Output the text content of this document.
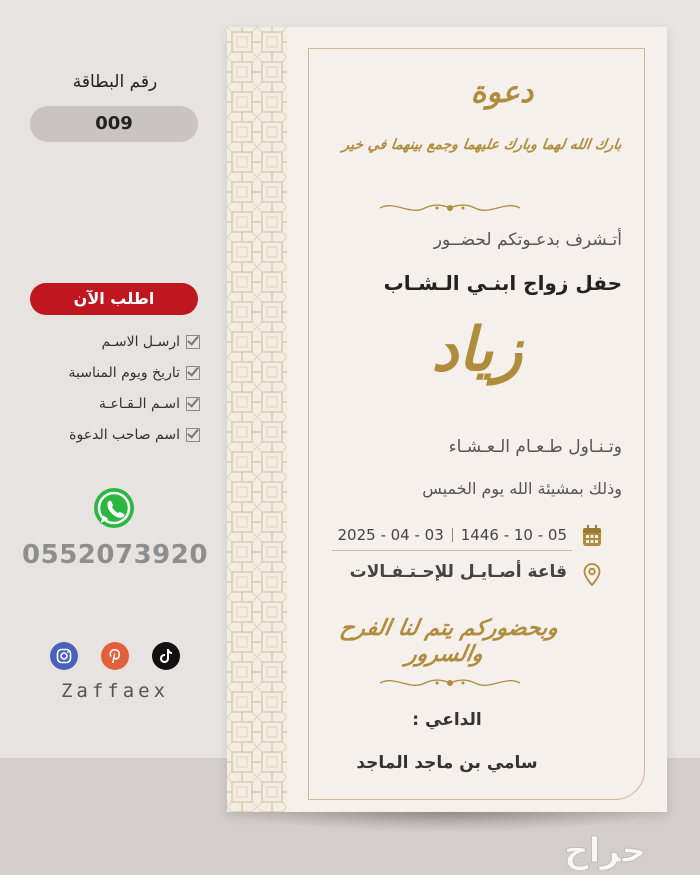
رقم البطاقة
009
اطلب الآن
ارسـل الاسـم
تاريخ ويوم المناسبة
اسـم الـقـاعـة
اسم صاحب الدعوة
0552073920
Zaffaex
دعوة
بارك الله لهما وبارك عليهما وجمع بينهما في خير
أتـشرف بدعـوتكم لحضــور
حفل زواج ابنـي الـشـاب
زياد
وتـنـاول طـعـام الـعـشـاء
وذلك بمشيئة الله يوم الخميس
2025 - 04 - 03 1446 - 10 - 05
قاعة أصـايـل للإحـتـفـالات
وبحضوركم يتم لنا الفرح والسرور
الداعي :
سامي بن ماجد الماجد
حراج
